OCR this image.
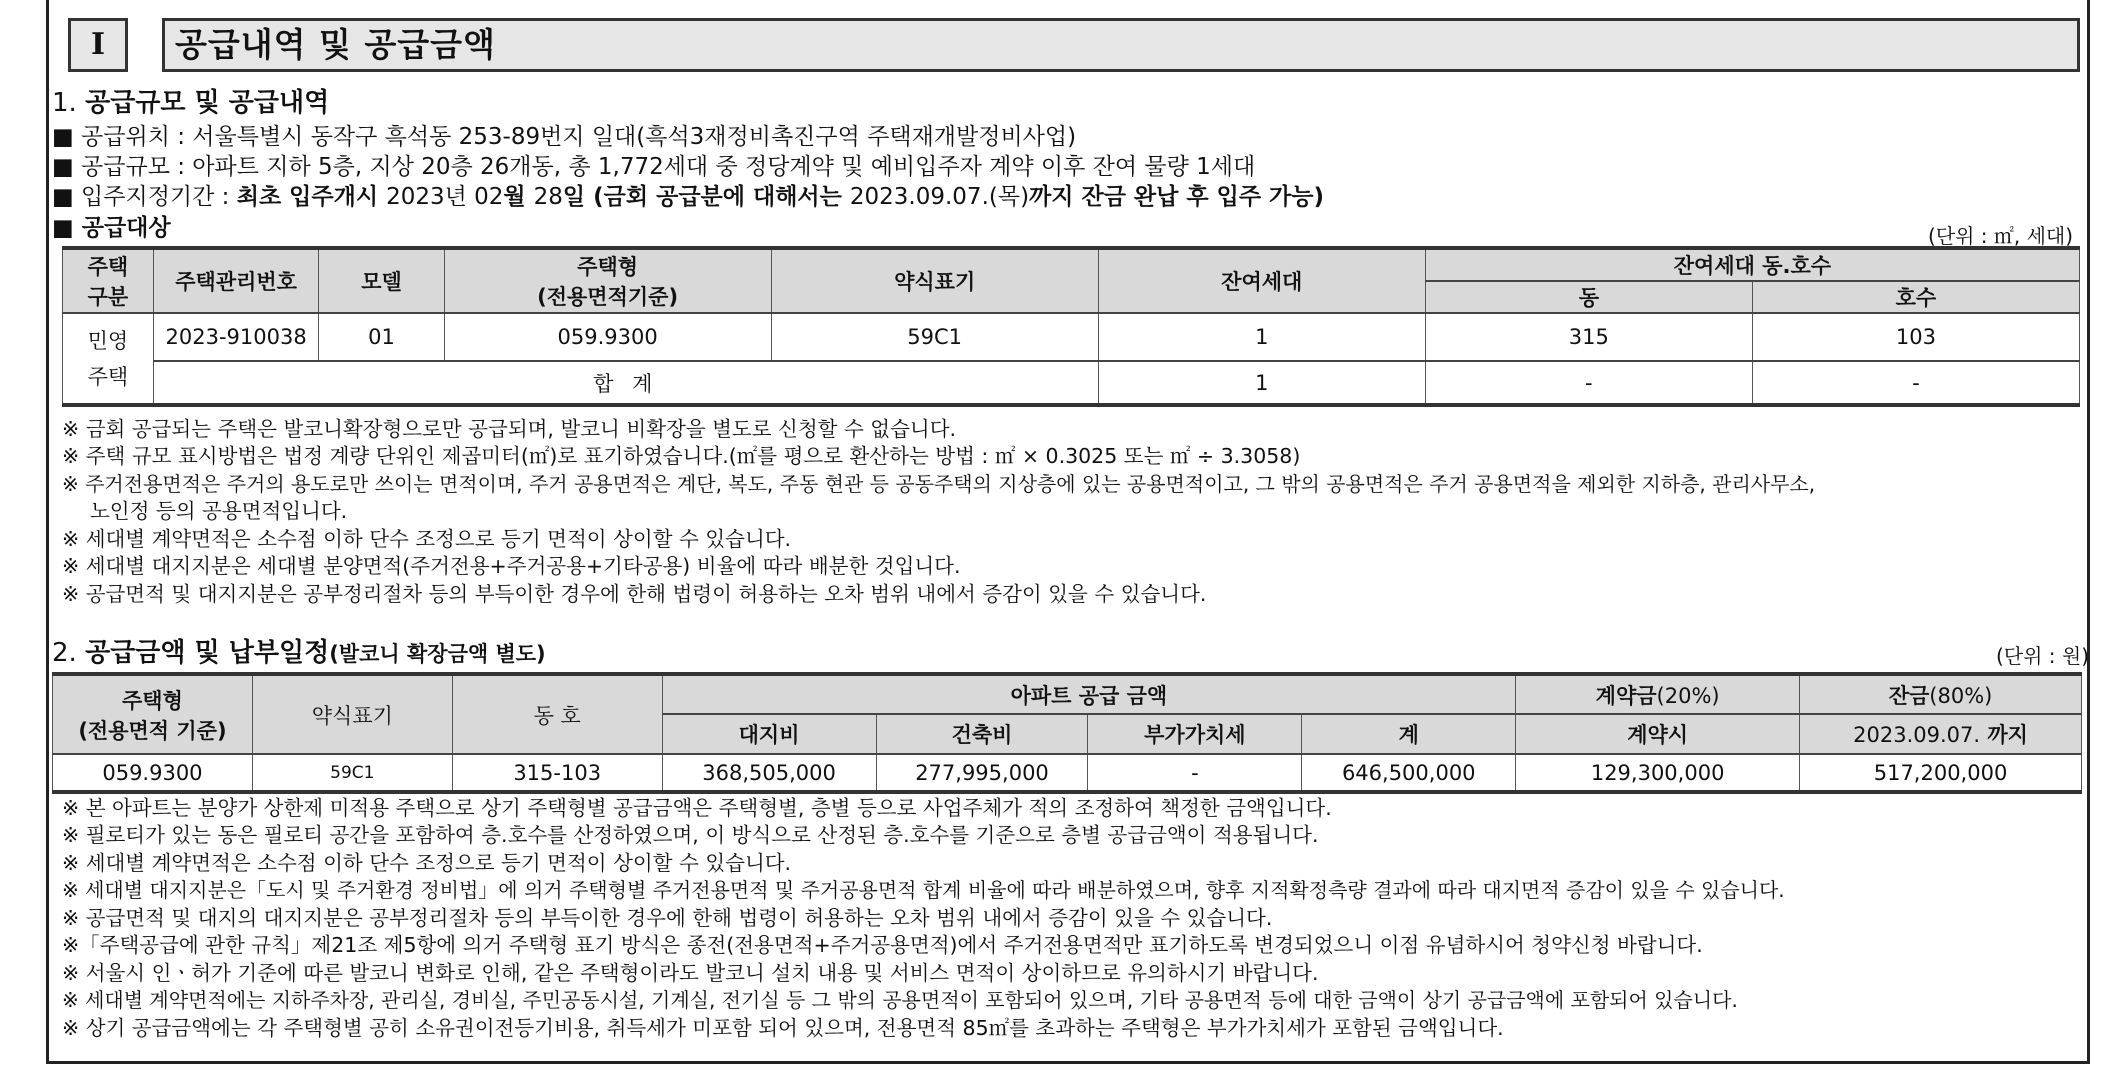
I	공급내역 및 공급금액
1. 공급규모 및 공급내역
■ 공급위치 : 서울특별시 동작구 흑석동 253-89번지 일대(흑석3재정비촉진구역 주택재개발정비사업)
■ 공급규모 : 아파트 지하 5층, 지상 20층 26개동, 총 1,772세대 중 정당계약 및 예비입주자 계약 이후 잔여 물량 1세대
■ 입주지정기간 : 최초 입주개시 2023년 02월 28일 (금회 공급분에 대해서는 2023.09.07.(목)까지 잔금 완납 후 입주 가능)
■ 공급대상	(단위 : ㎡, 세대)
주택
구분	주택관리번호	모델	주택형
(전용면적기준)	약식표기	잔여세대	잔여세대 동.호수	
						동	호수
민영
주택	2023-910038	01	059.9300	59C1	1	315	103
	합 계				1	-	-
※ 금회 공급되는 주택은 발코니확장형으로만 공급되며, 발코니 비확장을 별도로 신청할 수 없습니다.
※ 주택 규모 표시방법은 법정 계량 단위인 제곱미터(㎡)로 표기하였습니다.(㎡를 평으로 환산하는 방법 : ㎡ × 0.3025 또는 ㎡ ÷ 3.3058)
※ 주거전용면적은 주거의 용도로만 쓰이는 면적이며, 주거 공용면적은 계단, 복도, 주동 현관 등 공동주택의 지상층에 있는 공용면적이고, 그 밖의 공용면적은 주거 공용면적을 제외한 지하층, 관리사무소,
노인정 등의 공용면적입니다.
※ 세대별 계약면적은 소수점 이하 단수 조정으로 등기 면적이 상이할 수 있습니다.
※ 세대별 대지지분은 세대별 분양면적(주거전용+주거공용+기타공용) 비율에 따라 배분한 것입니다.
※ 공급면적 및 대지지분은 공부정리절차 등의 부득이한 경우에 한해 법령이 허용하는 오차 범위 내에서 증감이 있을 수 있습니다.
2. 공급금액 및 납부일정(발코니 확장금액 별도)	(단위 : 원)
주택형
(전용면적 기준)	약식표기	동 호	아파트 공급 금액				계약금(20%)	잔금(80%)
			대지비	건축비	부가가치세	계	계약시	2023.09.07. 까지
059.9300	59C1	315-103	368,505,000	277,995,000	-	646,500,000	129,300,000	517,200,000
※ 본 아파트는 분양가 상한제 미적용 주택으로 상기 주택형별 공급금액은 주택형별, 층별 등으로 사업주체가 적의 조정하여 책정한 금액입니다.
※ 필로티가 있는 동은 필로티 공간을 포함하여 층.호수를 산정하였으며, 이 방식으로 산정된 층.호수를 기준으로 층별 공급금액이 적용됩니다.
※ 세대별 계약면적은 소수점 이하 단수 조정으로 등기 면적이 상이할 수 있습니다.
※ 세대별 대지지분은「도시 및 주거환경 정비법」에 의거 주택형별 주거전용면적 및 주거공용면적 합계 비율에 따라 배분하였으며, 향후 지적확정측량 결과에 따라 대지면적 증감이 있을 수 있습니다.
※ 공급면적 및 대지의 대지지분은 공부정리절차 등의 부득이한 경우에 한해 법령이 허용하는 오차 범위 내에서 증감이 있을 수 있습니다.
※「주택공급에 관한 규칙」제21조 제5항에 의거 주택형 표기 방식은 종전(전용면적+주거공용면적)에서 주거전용면적만 표기하도록 변경되었으니 이점 유념하시어 청약신청 바랍니다.
※ 서울시 인ㆍ허가 기준에 따른 발코니 변화로 인해, 같은 주택형이라도 발코니 설치 내용 및 서비스 면적이 상이하므로 유의하시기 바랍니다.
※ 세대별 계약면적에는 지하주차장, 관리실, 경비실, 주민공동시설, 기계실, 전기실 등 그 밖의 공용면적이 포함되어 있으며, 기타 공용면적 등에 대한 금액이 상기 공급금액에 포함되어 있습니다.
※ 상기 공급금액에는 각 주택형별 공히 소유권이전등기비용, 취득세가 미포함 되어 있으며, 전용면적 85㎡를 초과하는 주택형은 부가가치세가 포함된 금액입니다.
